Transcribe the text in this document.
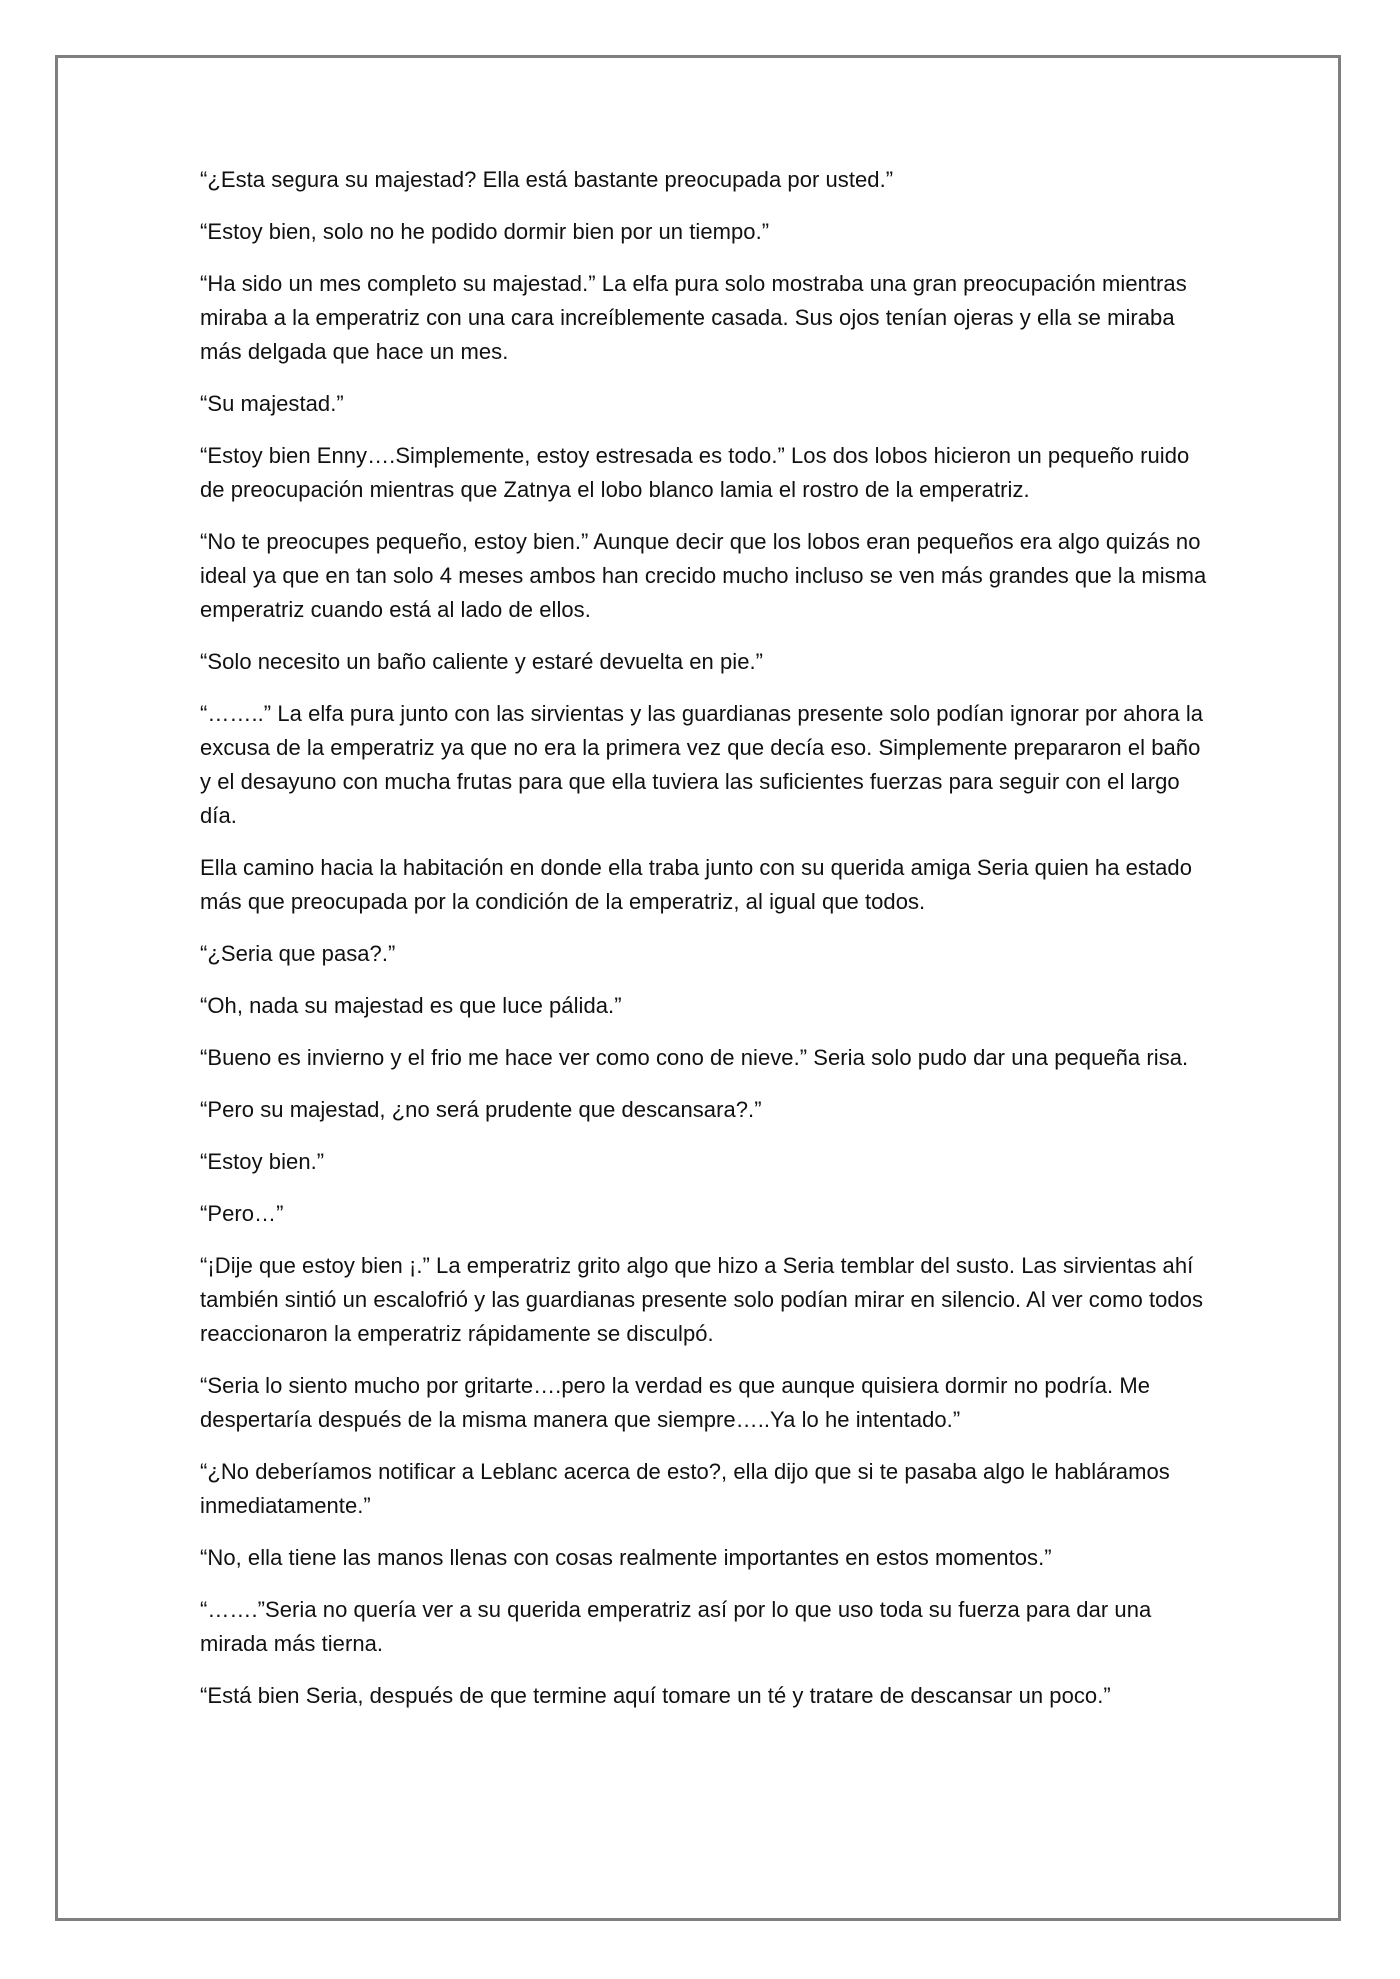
“¿Esta segura su majestad? Ella está bastante preocupada por usted.”

“Estoy bien, solo no he podido dormir bien por un tiempo.”

“Ha sido un mes completo su majestad.” La elfa pura solo mostraba una gran preocupación mientras miraba a la emperatriz con una cara increíblemente casada. Sus ojos tenían ojeras y ella se miraba más delgada que hace un mes.

“Su majestad.”

“Estoy bien Enny….Simplemente, estoy estresada es todo.” Los dos lobos hicieron un pequeño ruido de preocupación mientras que Zatnya el lobo blanco lamia el rostro de la emperatriz.

“No te preocupes pequeño, estoy bien.” Aunque decir que los lobos eran pequeños era algo quizás no ideal ya que en tan solo 4 meses ambos han crecido mucho incluso se ven más grandes que la misma emperatriz cuando está al lado de ellos.

“Solo necesito un baño caliente y estaré devuelta en pie.”

“……..” La elfa pura junto con las sirvientas y las guardianas presente solo podían ignorar por ahora la excusa de la emperatriz ya que no era la primera vez que decía eso. Simplemente prepararon el baño y el desayuno con mucha frutas para que ella tuviera las suficientes fuerzas para seguir con el largo día.

Ella camino hacia la habitación en donde ella traba junto con su querida amiga Seria quien ha estado más que preocupada por la condición de la emperatriz, al igual que todos.

“¿Seria que pasa?.”

“Oh, nada su majestad es que luce pálida.”

“Bueno es invierno y el frio me hace ver como cono de nieve.” Seria solo pudo dar una pequeña risa.

“Pero su majestad, ¿no será prudente que descansara?.”

“Estoy bien.”

“Pero…”

“¡Dije que estoy bien ¡.” La emperatriz grito algo que hizo a Seria temblar del susto. Las sirvientas ahí también sintió un escalofrió y las guardianas presente solo podían mirar en silencio. Al ver como todos reaccionaron la emperatriz rápidamente se disculpó.

“Seria lo siento mucho por gritarte….pero la verdad es que aunque quisiera dormir no podría. Me despertaría después de la misma manera que siempre…..Ya lo he intentado.”

“¿No deberíamos notificar a Leblanc acerca de esto?, ella dijo que si te pasaba algo le habláramos inmediatamente.”

“No, ella tiene las manos llenas con cosas realmente importantes en estos momentos.”

“…….”Seria no quería ver a su querida emperatriz así por lo que uso toda su fuerza para dar una mirada más tierna.

“Está bien Seria, después de que termine aquí tomare un té y tratare de descansar un poco.”
